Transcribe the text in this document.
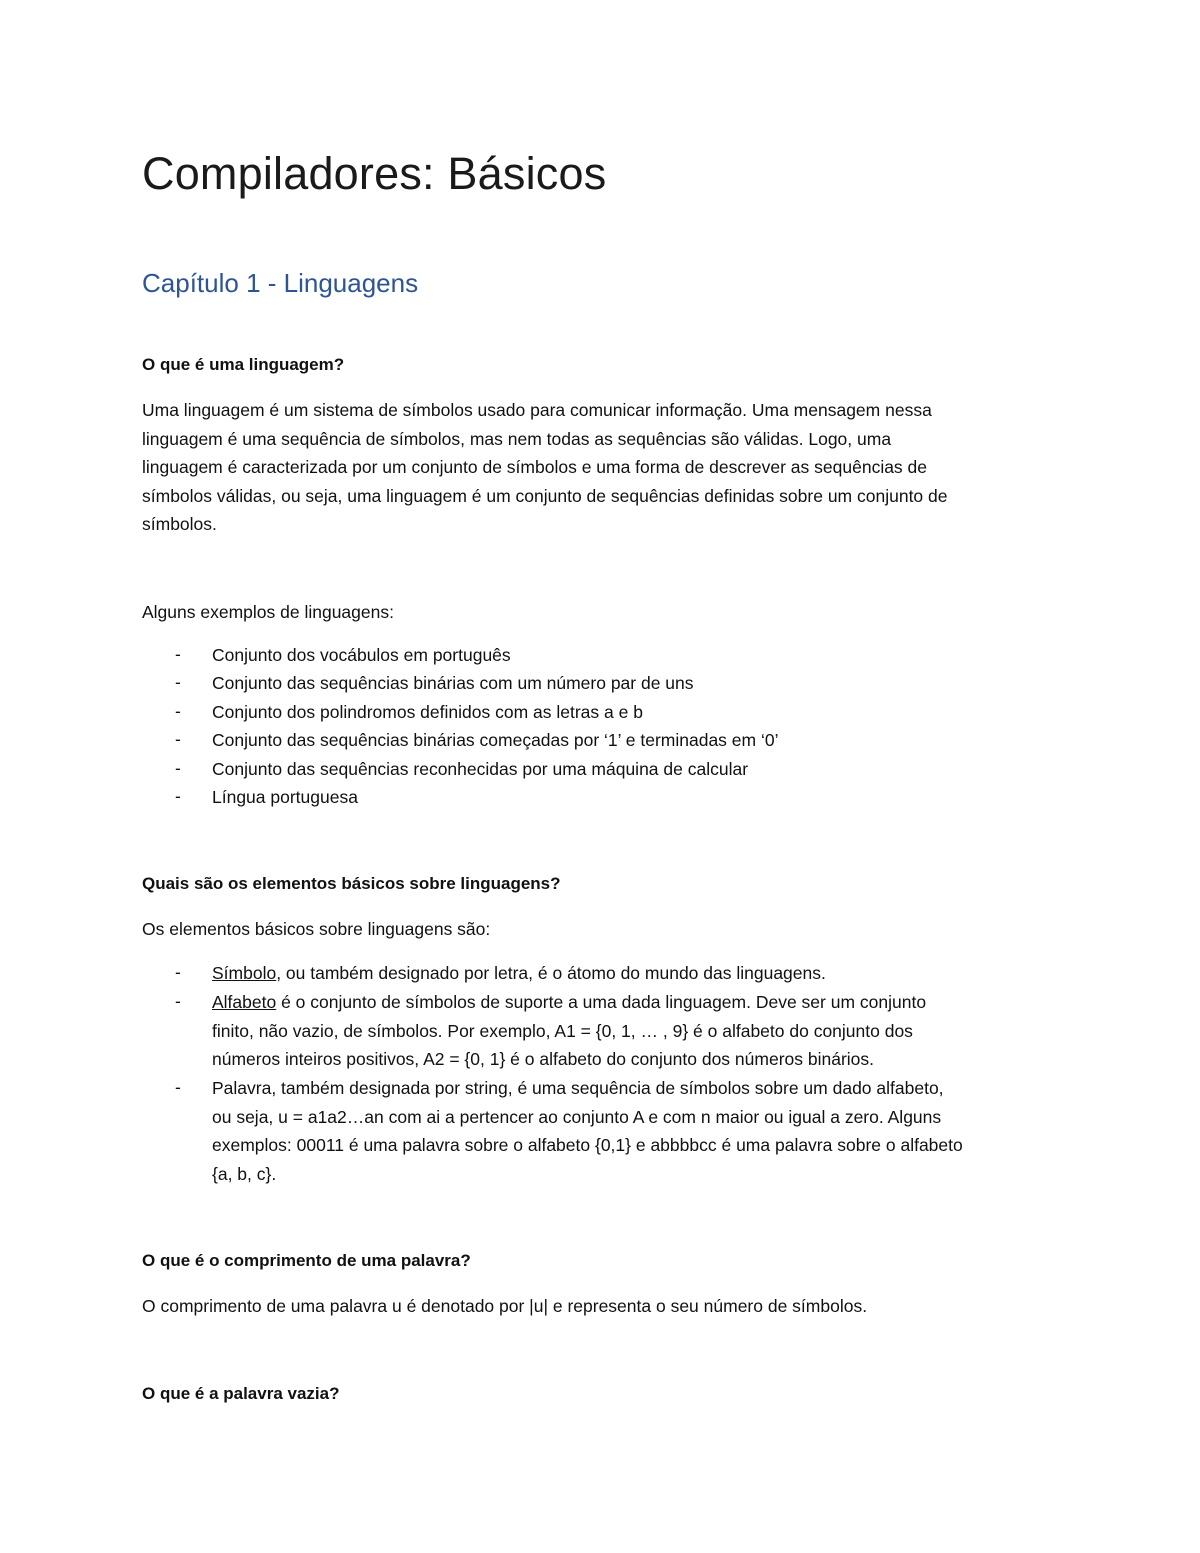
Compiladores: Básicos
Capítulo 1 - Linguagens
O que é uma linguagem?
Uma linguagem é um sistema de símbolos usado para comunicar informação. Uma mensagem nessa
linguagem é uma sequência de símbolos, mas nem todas as sequências são válidas. Logo, uma
linguagem é caracterizada por um conjunto de símbolos e uma forma de descrever as sequências de
símbolos válidas, ou seja, uma linguagem é um conjunto de sequências definidas sobre um conjunto de
símbolos.
Alguns exemplos de linguagens:
- Conjunto dos vocábulos em português
- Conjunto das sequências binárias com um número par de uns
- Conjunto dos polindromos definidos com as letras a e b
- Conjunto das sequências binárias começadas por ‘1’ e terminadas em ‘0’
- Conjunto das sequências reconhecidas por uma máquina de calcular
- Língua portuguesa
Quais são os elementos básicos sobre linguagens?
Os elementos básicos sobre linguagens são:
- Símbolo, ou também designado por letra, é o átomo do mundo das linguagens.
- Alfabeto é o conjunto de símbolos de suporte a uma dada linguagem. Deve ser um conjunto
finito, não vazio, de símbolos. Por exemplo, A1 = {0, 1, … , 9} é o alfabeto do conjunto dos
números inteiros positivos, A2 = {0, 1} é o alfabeto do conjunto dos números binários.
- Palavra, também designada por string, é uma sequência de símbolos sobre um dado alfabeto,
ou seja, u = a1a2…an com ai a pertencer ao conjunto A e com n maior ou igual a zero. Alguns
exemplos: 00011 é uma palavra sobre o alfabeto {0,1} e abbbbcc é uma palavra sobre o alfabeto
{a, b, c}.
O que é o comprimento de uma palavra?
O comprimento de uma palavra u é denotado por |u| e representa o seu número de símbolos.
O que é a palavra vazia?
